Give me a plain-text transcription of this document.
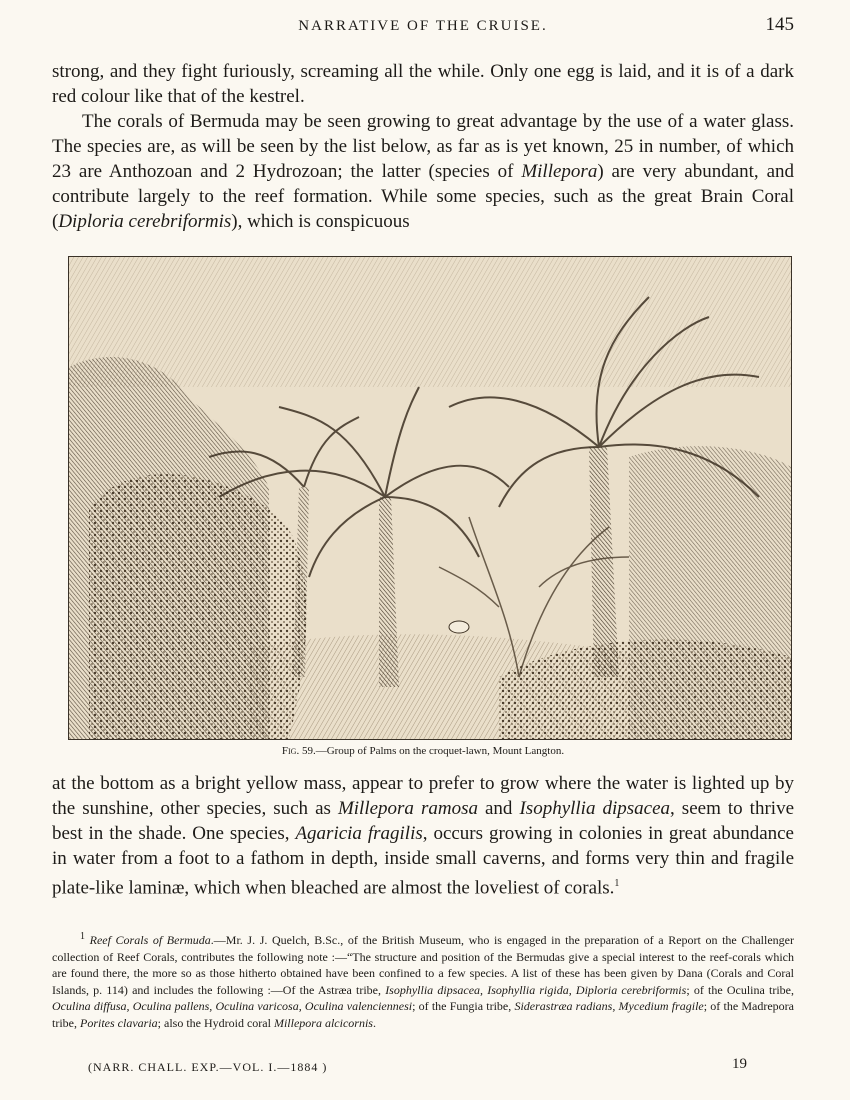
NARRATIVE OF THE CRUISE.	145

strong, and they fight furiously, screaming all the while. Only one egg is laid, and it is of a dark red colour like that of the kestrel.

The corals of Bermuda may be seen growing to great advantage by the use of a water glass. The species are, as will be seen by the list below, as far as is yet known, 25 in number, of which 23 are Anthozoan and 2 Hydrozoan; the latter (species of Millepora) are very abundant, and contribute largely to the reef formation. While some species, such as the great Brain Coral (Diploria cerebriformis), which is conspicuous

Fig. 59.—Group of Palms on the croquet-lawn, Mount Langton.

at the bottom as a bright yellow mass, appear to prefer to grow where the water is lighted up by the sunshine, other species, such as Millepora ramosa and Isophyllia dipsacea, seem to thrive best in the shade. One species, Agaricia fragilis, occurs growing in colonies in great abundance in water from a foot to a fathom in depth, inside small caverns, and forms very thin and fragile plate-like laminæ, which when bleached are almost the loveliest of corals.$^1$

$^1$ Reef Corals of Bermuda.—Mr. J. J. Quelch, B.Sc., of the British Museum, who is engaged in the preparation of a Report on the Challenger collection of Reef Corals, contributes the following note :—“The structure and position of the Bermudas give a special interest to the reef-corals which are found there, the more so as those hitherto obtained have been confined to a few species. A list of these has been given by Dana (Corals and Coral Islands, p. 114) and includes the following :—Of the Astræa tribe, Isophyllia dipsacea, Isophyllia rigida, Diploria cerebriformis; of the Oculina tribe, Oculina diffusa, Oculina pallens, Oculina varicosa, Oculina valenciennesi; of the Fungia tribe, Siderastræa radians, Mycedium fragile; of the Madrepora tribe, Porites clavaria; also the Hydroid coral Millepora alcicornis.
(NARR. CHALL. EXP.—VOL. I.—1884 )	19
